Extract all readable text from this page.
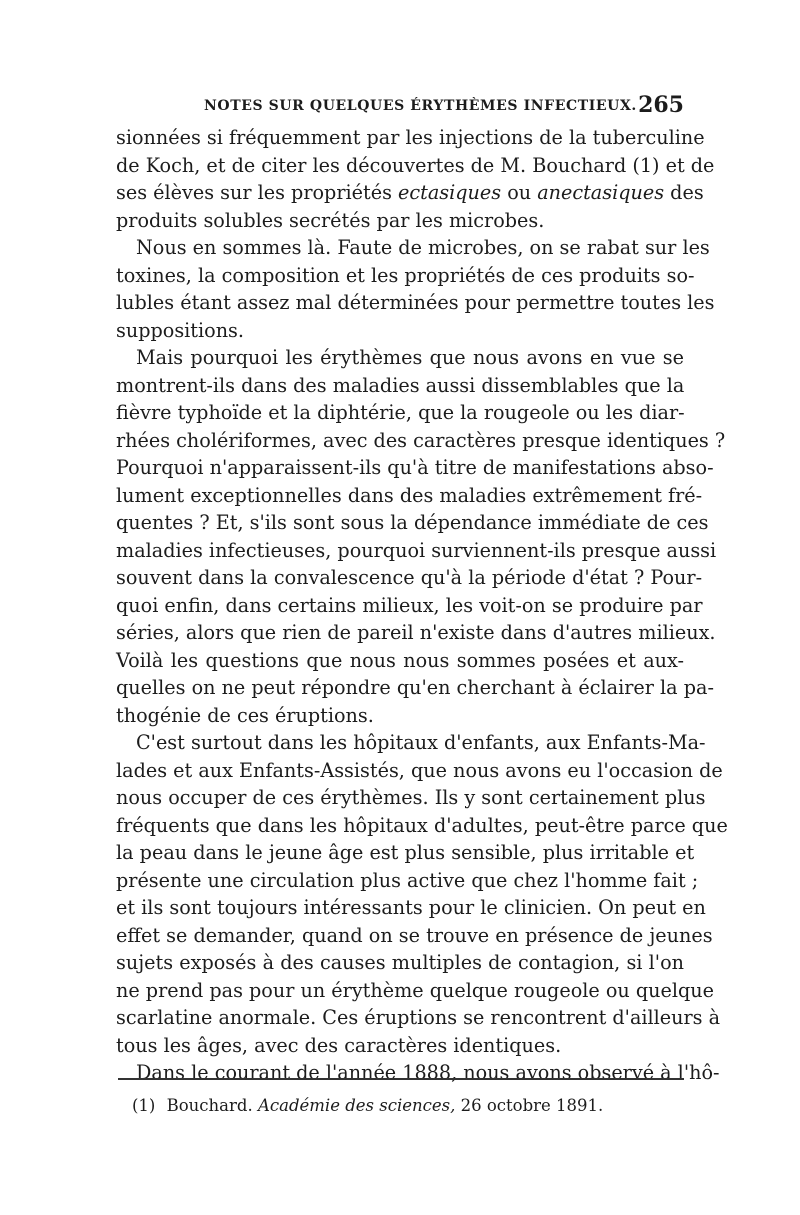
NOTES SUR QUELQUES ÉRYTHÈMES INFECTIEUX. 265
sionnées si fréquemment par les injections de la tuberculine
de Koch, et de citer les découvertes de M. Bouchard (1) et de
ses élèves sur les propriétés ectasiques ou anectasiques des
produits solubles secrétés par les microbes.
Nous en sommes là. Faute de microbes, on se rabat sur les
toxines, la composition et les propriétés de ces produits so-
lubles étant assez mal déterminées pour permettre toutes les
suppositions.
Mais pourquoi les érythèmes que nous avons en vue se
montrent-ils dans des maladies aussi dissemblables que la
fièvre typhoïde et la diphtérie, que la rougeole ou les diar-
rhées cholériformes, avec des caractères presque identiques ?
Pourquoi n'apparaissent-ils qu'à titre de manifestations abso-
lument exceptionnelles dans des maladies extrêmement fré-
quentes ? Et, s'ils sont sous la dépendance immédiate de ces
maladies infectieuses, pourquoi surviennent-ils presque aussi
souvent dans la convalescence qu'à la période d'état ? Pour-
quoi enfin, dans certains milieux, les voit-on se produire par
séries, alors que rien de pareil n'existe dans d'autres milieux.
Voilà les questions que nous nous sommes posées et aux-
quelles on ne peut répondre qu'en cherchant à éclairer la pa-
thogénie de ces éruptions.
C'est surtout dans les hôpitaux d'enfants, aux Enfants-Ma-
lades et aux Enfants-Assistés, que nous avons eu l'occasion de
nous occuper de ces érythèmes. Ils y sont certainement plus
fréquents que dans les hôpitaux d'adultes, peut-être parce que
la peau dans le jeune âge est plus sensible, plus irritable et
présente une circulation plus active que chez l'homme fait ;
et ils sont toujours intéressants pour le clinicien. On peut en
effet se demander, quand on se trouve en présence de jeunes
sujets exposés à des causes multiples de contagion, si l'on
ne prend pas pour un érythème quelque rougeole ou quelque
scarlatine anormale. Ces éruptions se rencontrent d'ailleurs à
tous les âges, avec des caractères identiques.
Dans le courant de l'année 1888, nous avons observé à l'hô-
(1) Bouchard. Académie des sciences, 26 octobre 1891.
